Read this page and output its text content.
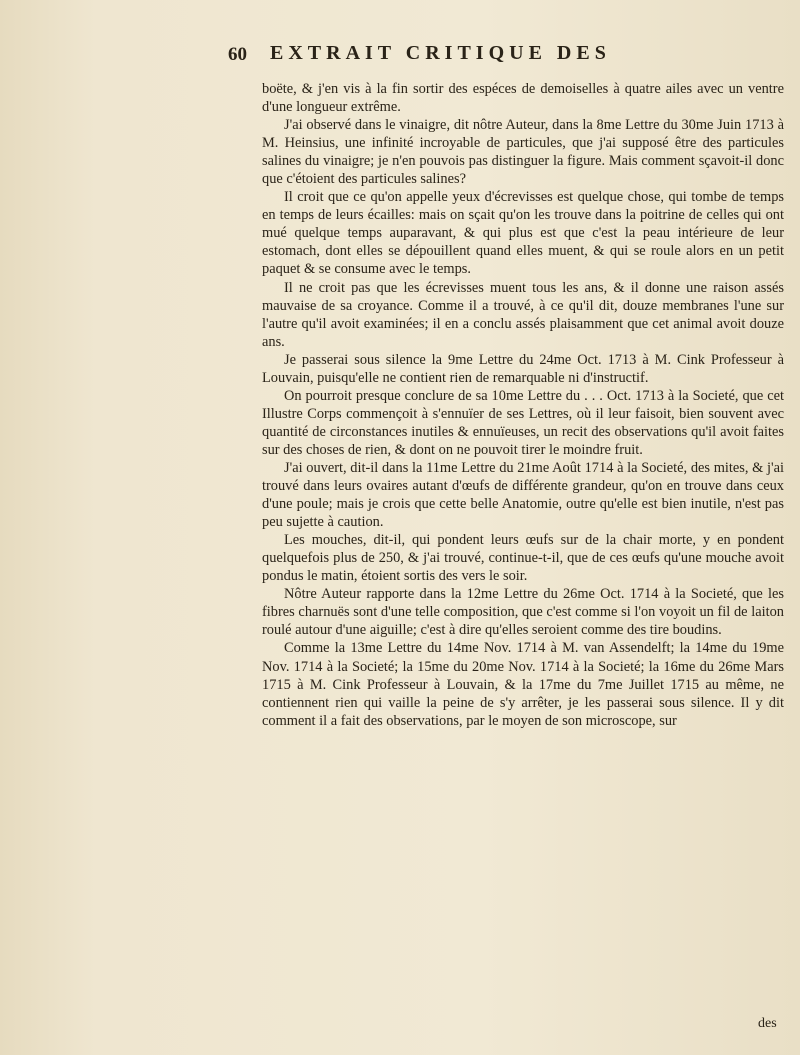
60 EXTRAIT CRITIQUE DES

boëte, & j'en vis à la fin sortir des espéces de demoiselles à quatre ailes avec un ventre d'une longueur extrême.

J'ai observé dans le vinaigre, dit nôtre Auteur, dans la 8me Lettre du 30me Juin 1713 à M. Heinsius, une infinité incroyable de particules, que j'ai supposé être des particules salines du vinaigre; je n'en pouvois pas distinguer la figure. Mais comment sçavoit-il donc que c'étoient des particules salines?

Il croit que ce qu'on appelle yeux d'écrevisses est quelque chose, qui tombe de temps en temps de leurs écailles: mais on sçait qu'on les trouve dans la poitrine de celles qui ont mué quelque temps auparavant, & qui plus est que c'est la peau intérieure de leur estomach, dont elles se dépouillent quand elles muent, & qui se roule alors en un petit paquet & se consume avec le temps.

Il ne croit pas que les écrevisses muent tous les ans, & il donne une raison assés mauvaise de sa croyance. Comme il a trouvé, à ce qu'il dit, douze membranes l'une sur l'autre qu'il avoit examinées; il en a conclu assés plaisamment que cet animal avoit douze ans.

Je passerai sous silence la 9me Lettre du 24me Oct. 1713 à M. Cink Professeur à Louvain, puisqu'elle ne contient rien de remarquable ni d'instructif.

On pourroit presque conclure de sa 10me Lettre du . . . Oct. 1713 à la Societé, que cet Illustre Corps commençoit à s'ennuïer de ses Lettres, où il leur faisoit, bien souvent avec quantité de circonstances inutiles & ennuïeuses, un recit des observations qu'il avoit faites sur des choses de rien, & dont on ne pouvoit tirer le moindre fruit.

J'ai ouvert, dit-il dans la 11me Lettre du 21me Août 1714 à la Societé, des mites, & j'ai trouvé dans leurs ovaires autant d'œufs de différente grandeur, qu'on en trouve dans ceux d'une poule; mais je crois que cette belle Anatomie, outre qu'elle est bien inutile, n'est pas peu sujette à caution.

Les mouches, dit-il, qui pondent leurs œufs sur de la chair morte, y en pondent quelquefois plus de 250, & j'ai trouvé, continue-t-il, que de ces œufs qu'une mouche avoit pondus le matin, étoient sortis des vers le soir.

Nôtre Auteur rapporte dans la 12me Lettre du 26me Oct. 1714 à la Societé, que les fibres charnuës sont d'une telle composition, que c'est comme si l'on voyoit un fil de laiton roulé autour d'une aiguille; c'est à dire qu'elles seroient comme des tire boudins.

Comme la 13me Lettre du 14me Nov. 1714 à M. van Assendelft; la 14me du 19me Nov. 1714 à la Societé; la 15me du 20me Nov. 1714 à la Societé; la 16me du 26me Mars 1715 à M. Cink Professeur à Louvain, & la 17me du 7me Juillet 1715 au même, ne contiennent rien qui vaille la peine de s'y arrêter, je les passerai sous silence. Il y dit comment il a fait des observations, par le moyen de son microscope, sur

des
